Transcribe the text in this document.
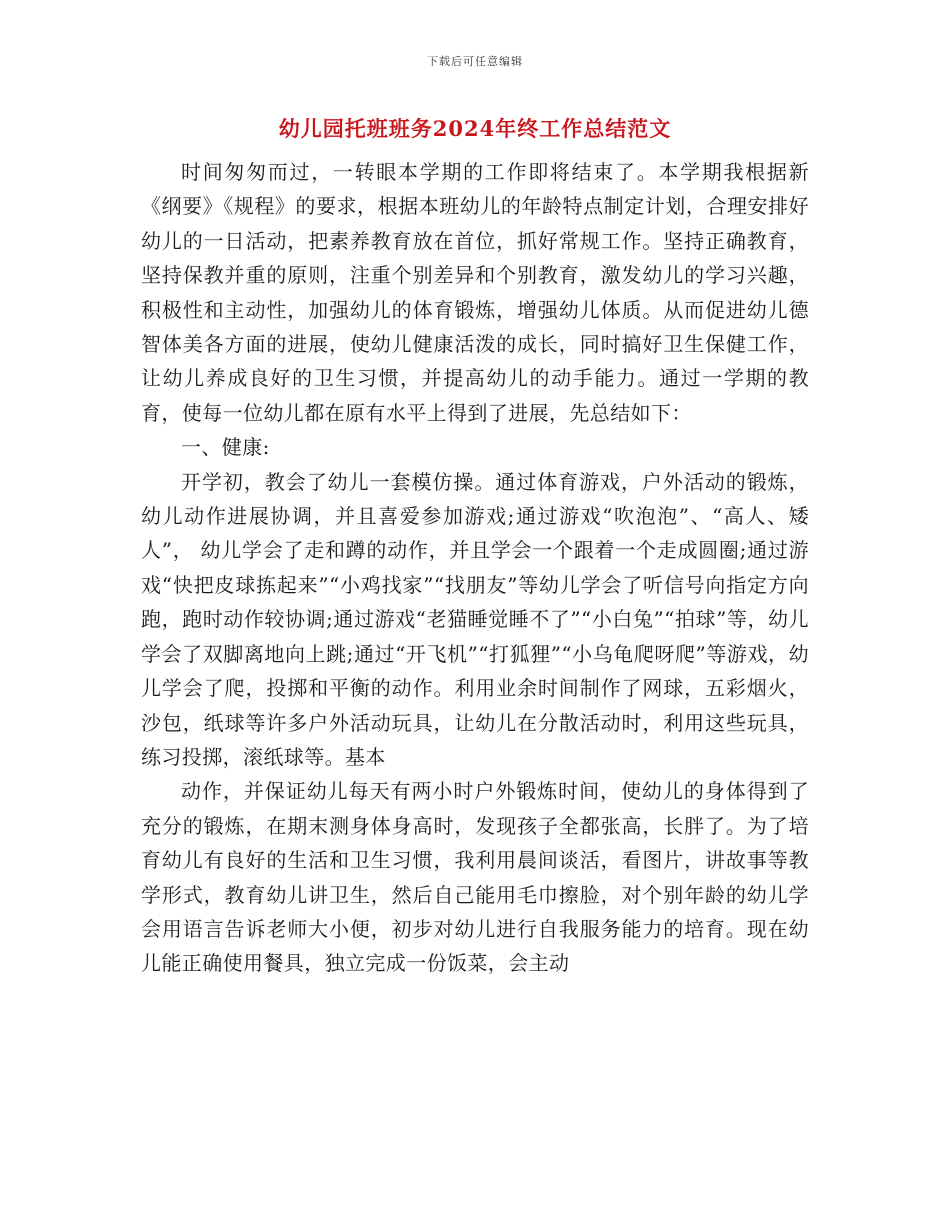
下载后可任意编辑
幼儿园托班班务2024年终工作总结范文

时间匆匆而过，一转眼本学期的工作即将结束了。本学期我根据新《纲要》《规程》的要求，根据本班幼儿的年龄特点制定计划，合理安排好幼儿的一日活动，把素养教育放在首位，抓好常规工作。坚持正确教育，坚持保教并重的原则，注重个别差异和个别教育，激发幼儿的学习兴趣，积极性和主动性，加强幼儿的体育锻炼，增强幼儿体质。从而促进幼儿德智体美各方面的进展，使幼儿健康活泼的成长，同时搞好卫生保健工作，让幼儿养成良好的卫生习惯，并提高幼儿的动手能力。通过一学期的教育，使每一位幼儿都在原有水平上得到了进展，先总结如下：

一、健康:

开学初，教会了幼儿一套模仿操。通过体育游戏，户外活动的锻炼，幼儿动作进展协调，并且喜爱参加游戏;通过游戏“吹泡泡”、“高人、矮人”， 幼儿学会了走和蹲的动作，并且学会一个跟着一个走成圆圈;通过游戏“快把皮球拣起来”“小鸡找家”“找朋友”等幼儿学会了听信号向指定方向跑，跑时动作较协调;通过游戏“老猫睡觉睡不了”“小白兔”“拍球”等，幼儿学会了双脚离地向上跳;通过“开飞机”“打狐狸”“小乌龟爬呀爬”等游戏，幼儿学会了爬，投掷和平衡的动作。利用业余时间制作了网球，五彩烟火，沙包，纸球等许多户外活动玩具，让幼儿在分散活动时，利用这些玩具，练习投掷，滚纸球等。基本

动作，并保证幼儿每天有两小时户外锻炼时间，使幼儿的身体得到了充分的锻炼，在期末测身体身高时，发现孩子全都张高，长胖了。为了培育幼儿有良好的生活和卫生习惯，我利用晨间谈活，看图片，讲故事等教学形式，教育幼儿讲卫生，然后自己能用毛巾擦脸，对个别年龄的幼儿学会用语言告诉老师大小便，初步对幼儿进行自我服务能力的培育。现在幼儿能正确使用餐具，独立完成一份饭菜，会主动
